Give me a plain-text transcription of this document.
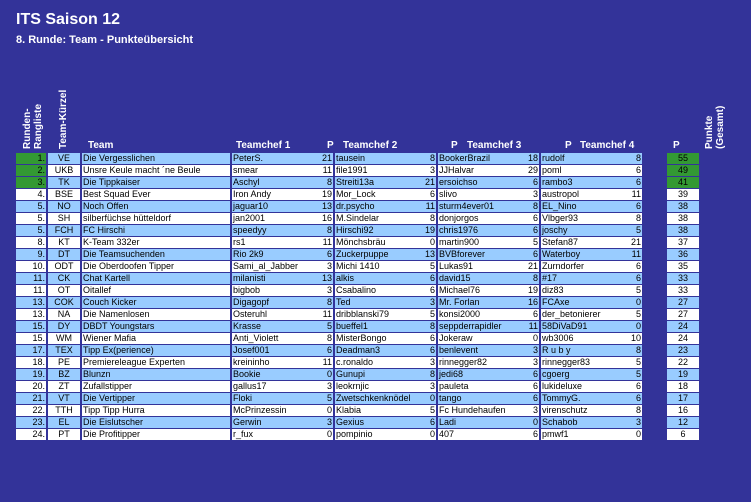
ITS Saison 12
8. Runde: Team - Punkteübersicht
Runden-Rangliste Team-Kürzel	Team	Teamchef 1	P Teamchef 2	P Teamchef 3	P Teamchef 4	P Punkte (Gesamt)
1.	VE	Die Vergesslichen	PeterS.	21	tausein	8	BookerBrazil	18	rudolf	8		55
2.	UKB	Unsre Keule macht ´ne Beule	smear	11	file1991	3	JJHalvar	29	poml	6		49
3.	TK	Die Tippkaiser	Aschyl	8	Streiti13a	21	ersoichso	6	rambo3	6		41
4.	BSE	Best Squad Ever	Iron Andy	19	Mor_Lock	6	slivo	3	austropol	11		39
5.	NO	Noch Offen	jaguar10	13	dr.psycho	11	sturm4ever01	8	EL_Nino	6		38
5.	SH	silberfüchse hütteldorf	jan2001	16	M.Sindelar	8	donjorgos	6	Vlbger93	8		38
5.	FCH	FC Hirschi	speedyy	8	Hirschi92	19	chris1976	6	joschy	5		38
8.	KT	K-Team 332er	rs1	11	Mönchsbräu	0	martin900	5	Stefan87	21		37
9.	DT	Die Teamsuchenden	Rio 2k9	6	Zuckerpuppe	13	BVBforever	6	Waterboy	11		36
10.	ODT	Die Oberdoofen Tipper	Sami_al_Jabber	3	Michi 1410	5	Lukas91	21	Zurndorfer	6		35
11.	CK	Chat Kartell	milanisti	13	alkis	6	david15	8	#17	6		33
11.	OT	Oitallef	bigbob	3	Csabalino	6	Michael76	19	diz83	5		33
13.	COK	Couch Kicker	Digagopf	8	Ted	3	Mr. Forlan	16	FCAxe	0		27
13.	NA	Die Namenlosen	Osteruhl	11	dribblanski79	5	konsi2000	6	der_betonierer	5		27
15.	DY	DBDT Youngstars	Krasse	5	bueffel1	8	seppderrapidler	11	58DiVaD91	0		24
15.	WM	Wiener Mafia	Anti_Violett	8	MisterBongo	6	Jokeraw	0	wb3006	10		24
17.	TEX	Tipp Ex(perience)	Josef001	6	Deadman3	6	benlevent	3	R u b y	8		23
18.	PE	Premiereleague Experten	kreininho	11	c.ronaldo	3	rinnegger82	3	rinnegger83	5		22
19.	BZ	Blunzn	Bookie	0	Gunupi	8	jedi68	6	cgoerg	5		19
20.	ZT	Zufallstipper	gallus17	3	leokrnjic	3	pauleta	6	lukideluxe	6		18
21.	VT	Die Vertipper	Floki	5	Zwetschkenknödel	0	tango	6	TommyG.	6		17
22.	TTH	Tipp Tipp Hurra	McPrinzessin	0	Klabia	5	Fc Hundehaufen	3	virenschutz	8		16
23.	EL	Die Eislutscher	Gerwin	3	Gexius	6	Ladi	0	Schabob	3		12
24.	PT	Die Profitipper	r_fux	0	pompinio	0	407	6	pmwf1	0		6
